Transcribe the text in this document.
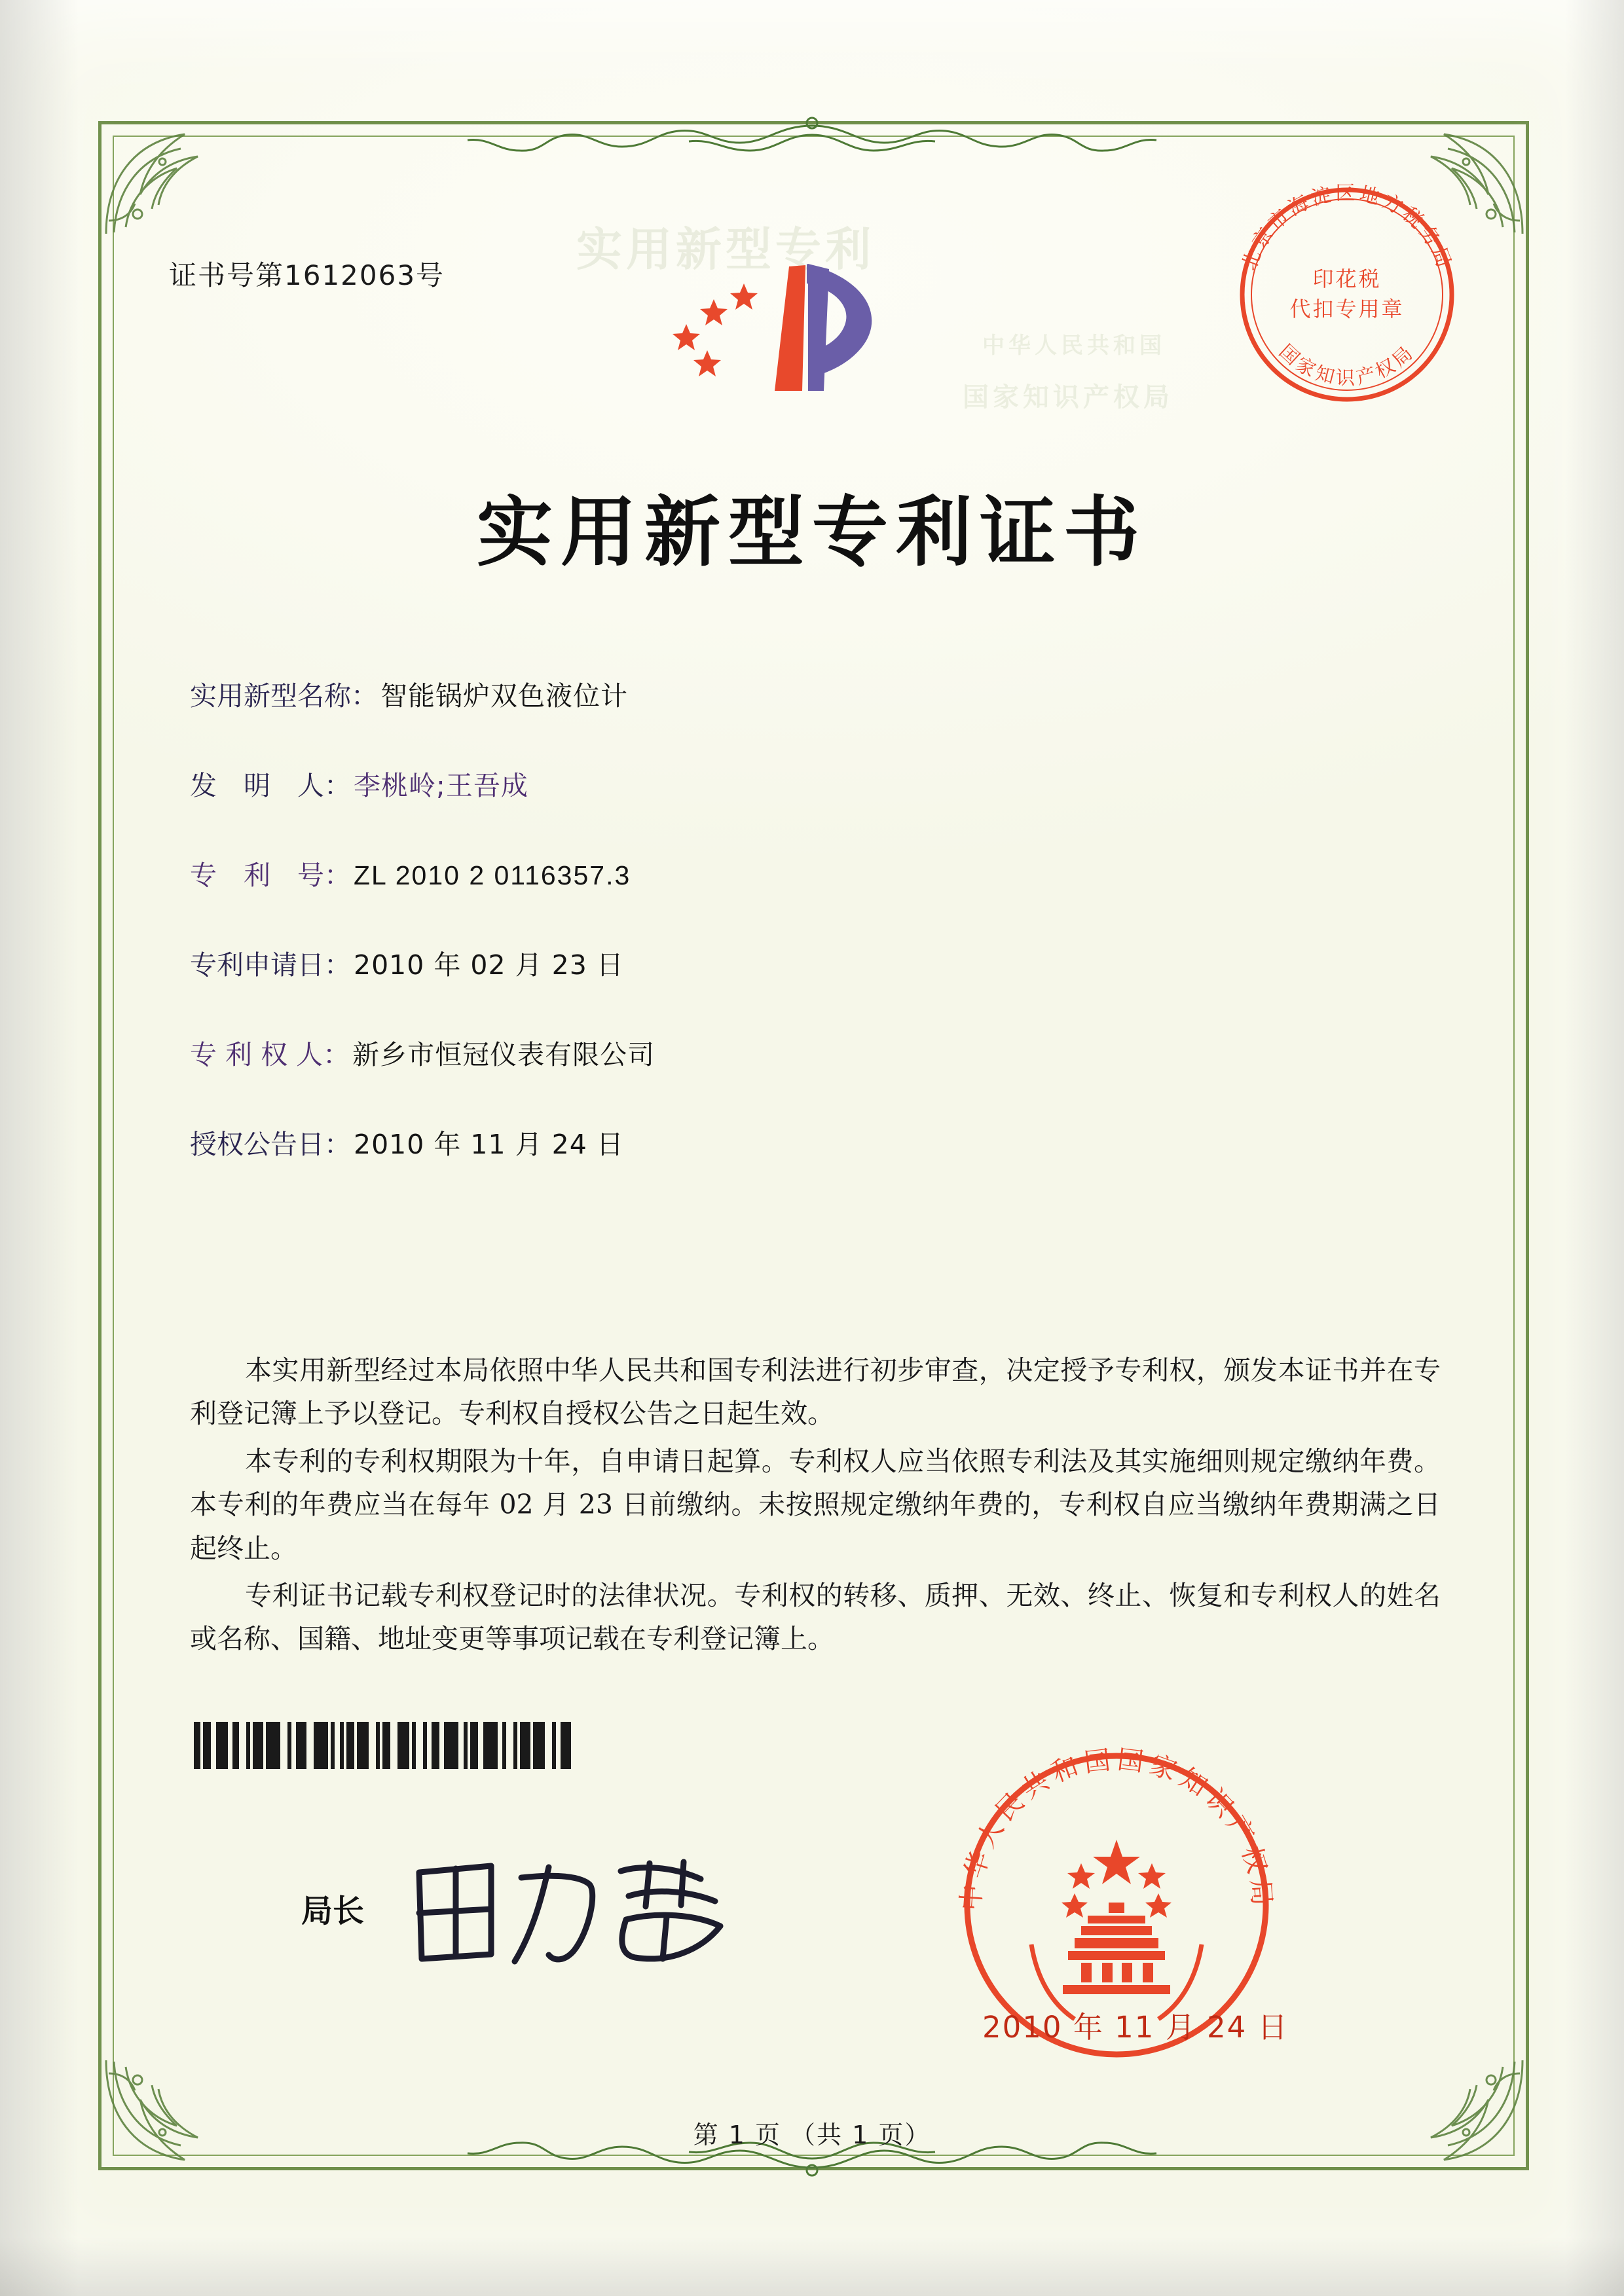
实用新型专利
中华人民共和国
国家知识产权局
证书号第1612063号
北京市海淀区地方税务局
国家知识产权局
印花税
代扣专用章
实用新型专利证书
实用新型名称： 智能锅炉双色液位计
发　明　人： 李桃岭;王吾成
专　利　号： ZL 2010 2 0116357.3
专利申请日： 2010 年 02 月 23 日
专 利 权 人： 新乡市恒冠仪表有限公司
授权公告日： 2010 年 11 月 24 日

本实用新型经过本局依照中华人民共和国专利法进行初步审查，决定授予专利权，颁发本证书并在专利登记簿上予以登记。专利权自授权公告之日起生效。

本专利的专利权期限为十年，自申请日起算。专利权人应当依照专利法及其实施细则规定缴纳年费。本专利的年费应当在每年 02 月 23 日前缴纳。未按照规定缴纳年费的，专利权自应当缴纳年费期满之日起终止。

专利证书记载专利权登记时的法律状况。专利权的转移、质押、无效、终止、恢复和专利权人的姓名或名称、国籍、地址变更等事项记载在专利登记簿上。

局长	中华人民共和国国家知识产权局
2010 年 11 月 24 日
第 1 页 （共 1 页）
